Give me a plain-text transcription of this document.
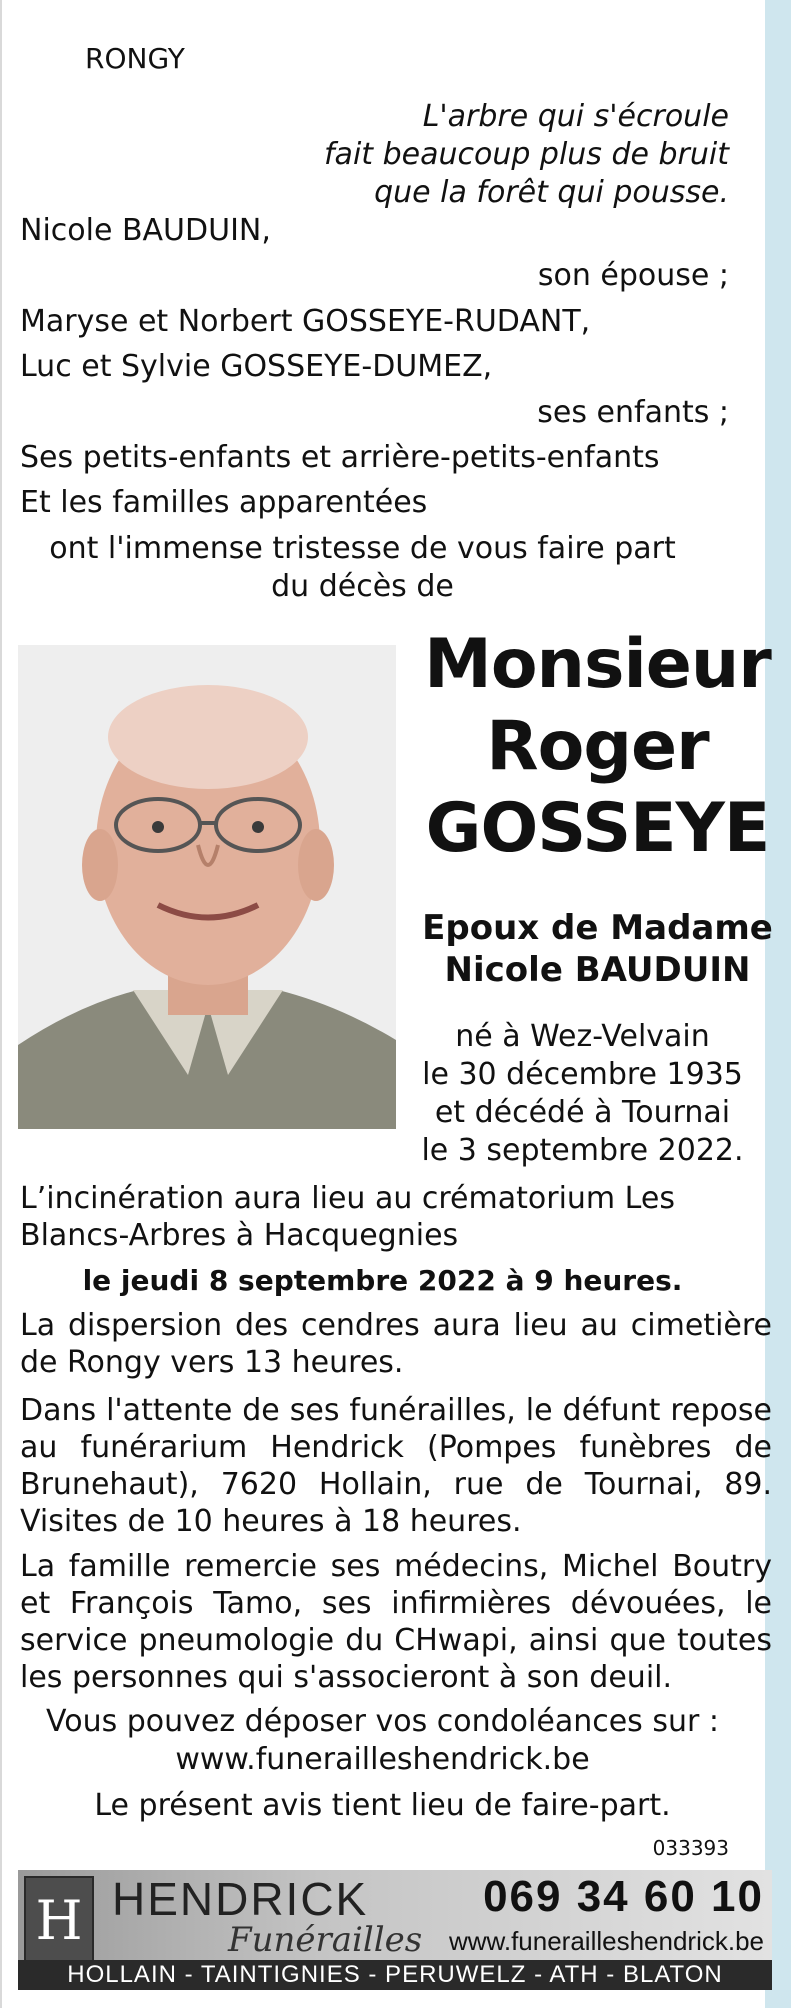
RONGY
L'arbre qui s'écroule
fait beaucoup plus de bruit
que la forêt qui pousse.
Nicole BAUDUIN,
son épouse ;
Maryse et Norbert GOSSEYE-RUDANT,
Luc et Sylvie GOSSEYE-DUMEZ,
ses enfants ;
Ses petits-enfants et arrière-petits-enfants
Et les familles apparentées
ont l'immense tristesse de vous faire part
du décès de
Monsieur
Roger
GOSSEYE
Epoux de Madame
Nicole BAUDUIN
né à Wez-Velvain
le 30 décembre 1935
et décédé à Tournai
le 3 septembre 2022.
L’incinération aura lieu au crématorium Les Blancs-Arbres à Hacquegnies
le jeudi 8 septembre 2022 à 9 heures.
La dispersion des cendres aura lieu au cimetière de Rongy vers 13 heures.
Dans l'attente de ses funérailles, le défunt repose au funérarium Hendrick (Pompes funèbres de Brunehaut), 7620 Hollain, rue de Tournai, 89. Visites de 10 heures à 18 heures.
La famille remercie ses médecins, Michel Boutry et François Tamo, ses infirmières dévouées, le service pneumologie du CHwapi, ainsi que toutes les personnes qui s'associeront à son deuil.
Vous pouvez déposer vos condoléances sur :
www.funerailleshendrick.be
Le présent avis tient lieu de faire-part.
033393
H HENDRICK
Funérailles
069 34 60 10
www.funerailleshendrick.be
HOLLAIN - TAINTIGNIES - PERUWELZ - ATH - BLATON
